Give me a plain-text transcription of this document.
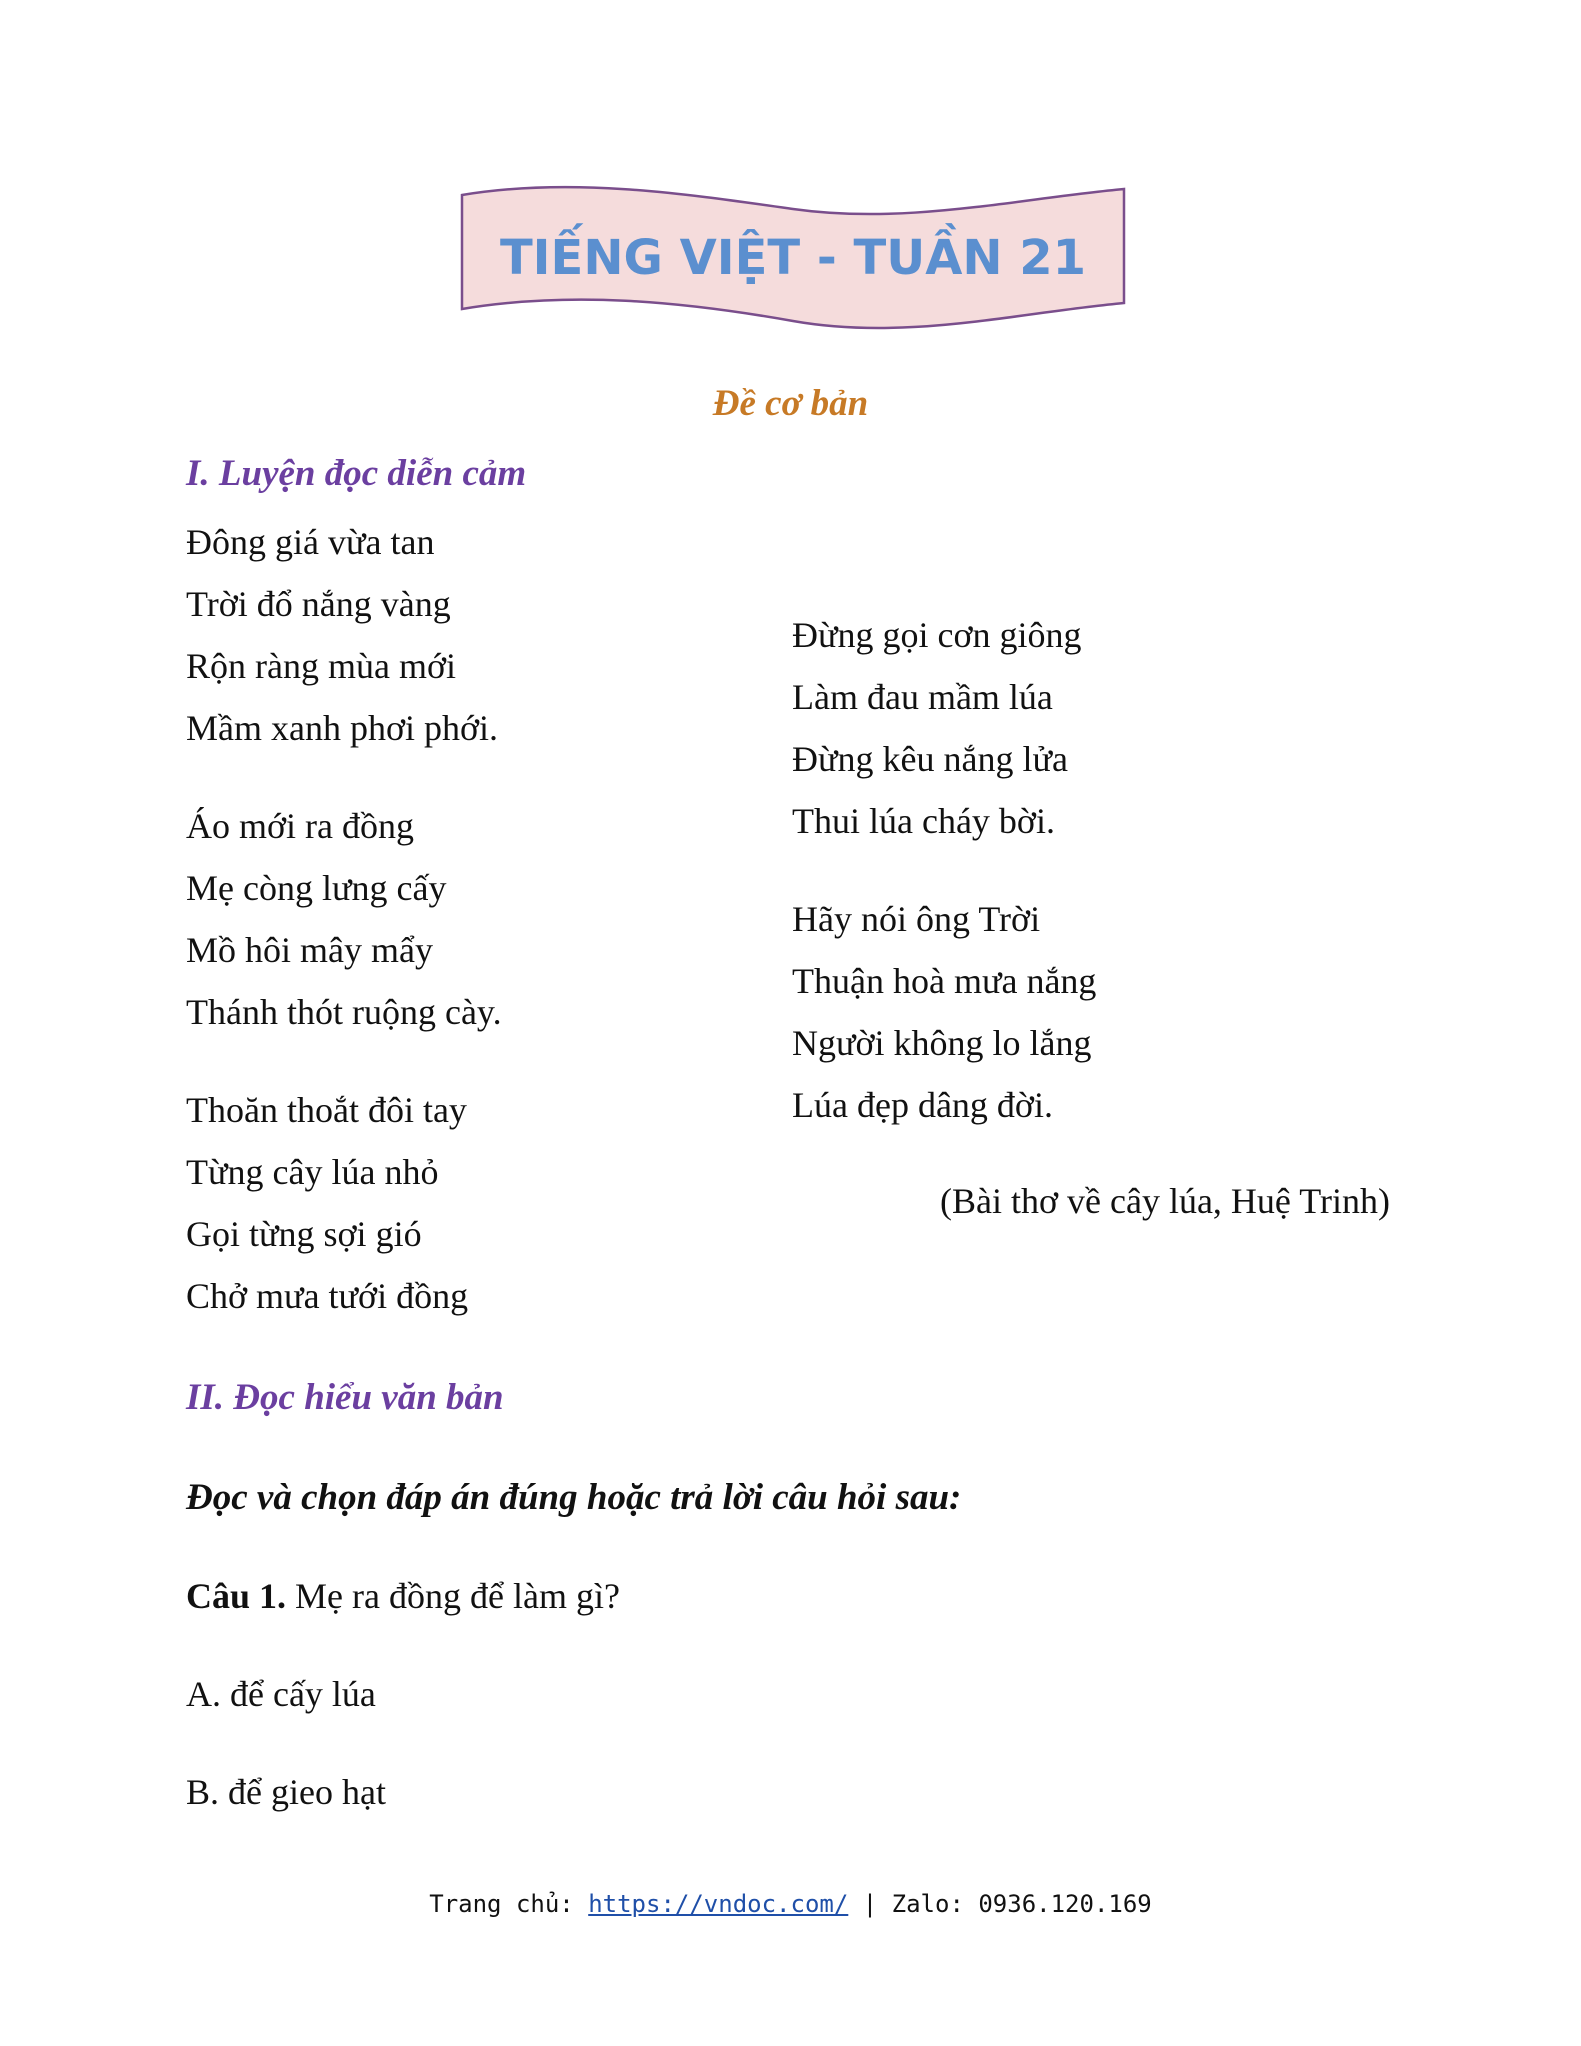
TIẾNG VIỆT - TUẦN 21
Đề cơ bản
I. Luyện đọc diễn cảm
Đông giá vừa tan
Trời đổ nắng vàng
Rộn ràng mùa mới
Mầm xanh phơi phới.
Áo mới ra đồng
Mẹ còng lưng cấy
Mồ hôi mây mẩy
Thánh thót ruộng cày.
Thoăn thoắt đôi tay
Từng cây lúa nhỏ
Gọi từng sợi gió
Chở mưa tưới đồng
Đừng gọi cơn giông
Làm đau mầm lúa
Đừng kêu nắng lửa
Thui lúa cháy bời.
Hãy nói ông Trời
Thuận hoà mưa nắng
Người không lo lắng
Lúa đẹp dâng đời.
(Bài thơ về cây lúa, Huệ Trinh)
II. Đọc hiểu văn bản
Đọc và chọn đáp án đúng hoặc trả lời câu hỏi sau:
Câu 1. Mẹ ra đồng để làm gì?
A. để cấy lúa
B. để gieo hạt
Trang chủ: https://vndoc.com/ | Zalo: 0936.120.169
